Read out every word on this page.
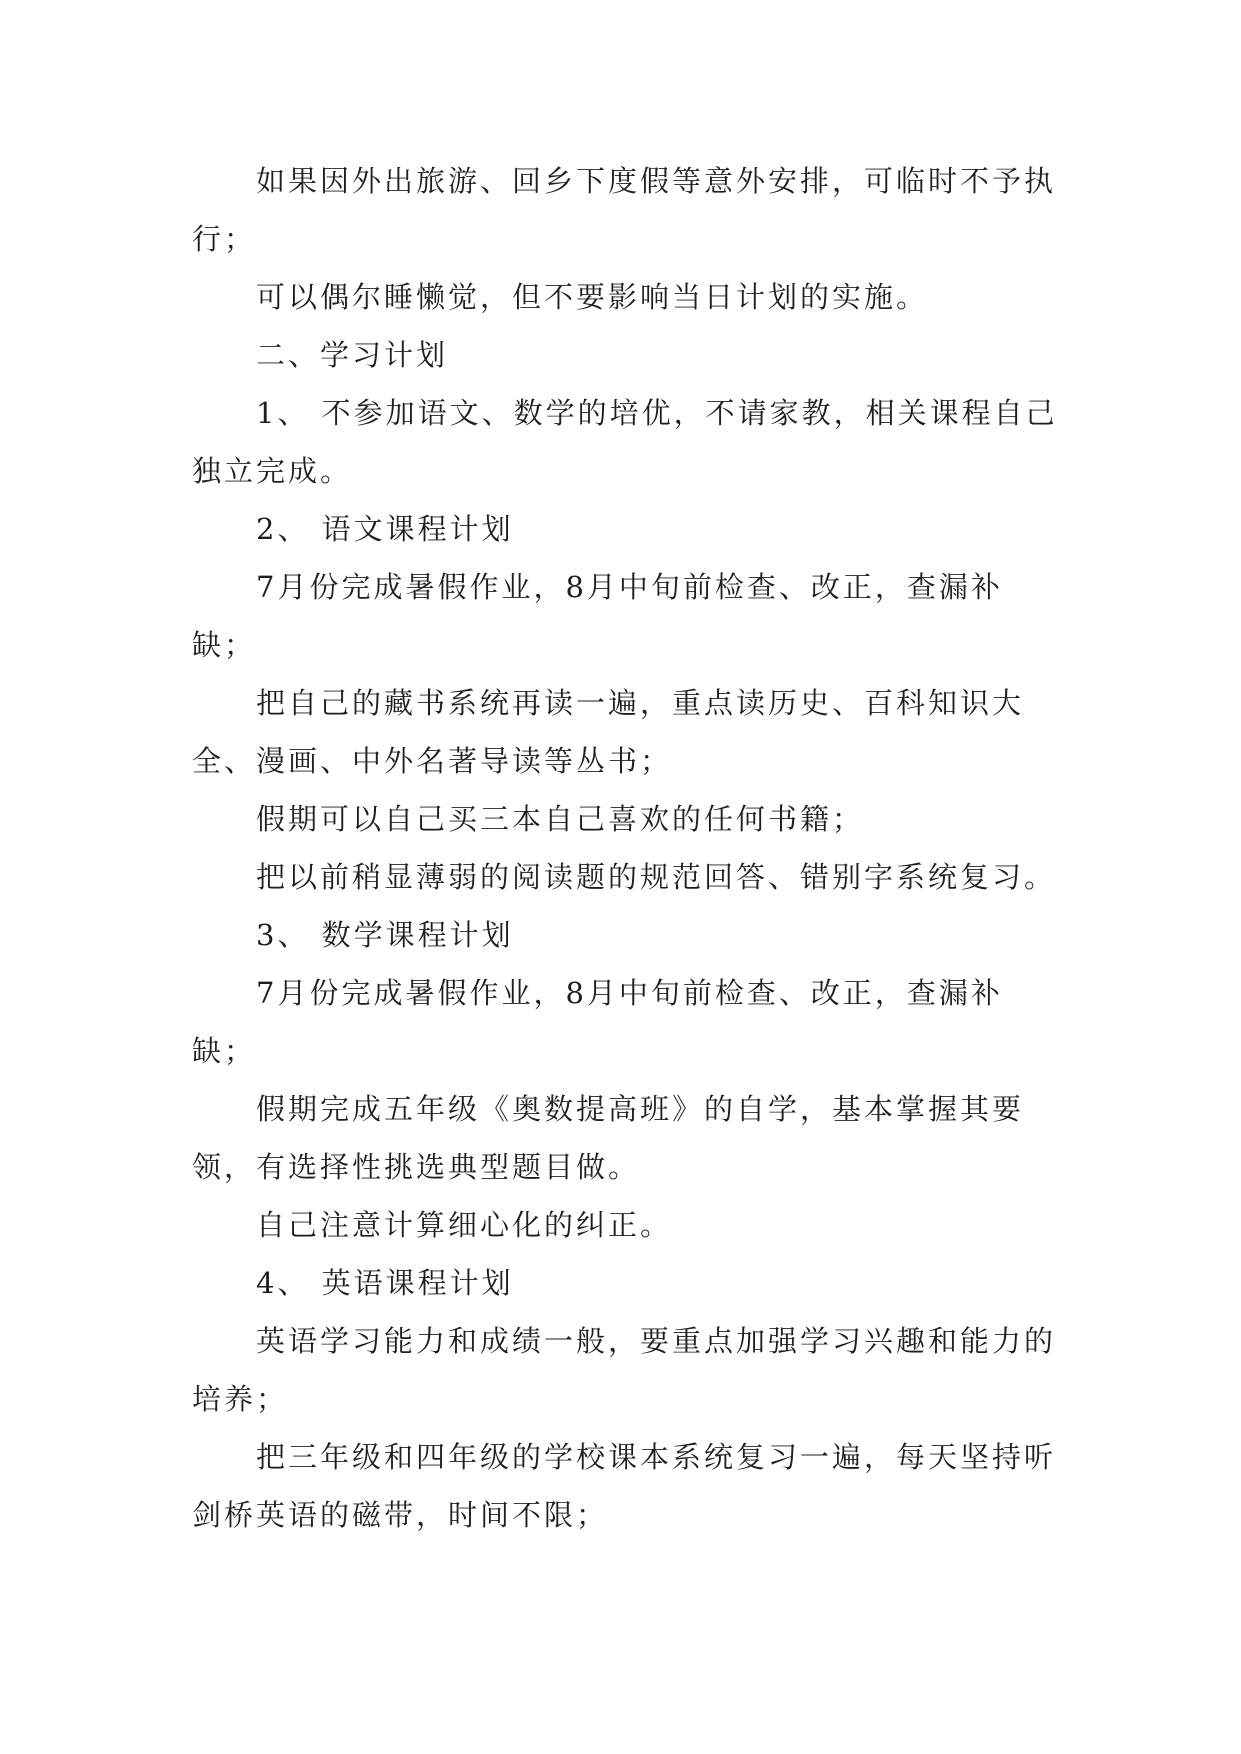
如果因外出旅游、回乡下度假等意外安排，可临时不予执行；

可以偶尔睡懒觉，但不要影响当日计划的实施。

二、学习计划

1、 不参加语文、数学的培优，不请家教，相关课程自己独立完成。

2、 语文课程计划

7月份完成暑假作业，8月中旬前检查、改正，查漏补缺；

把自己的藏书系统再读一遍，重点读历史、百科知识大全、漫画、中外名著导读等丛书；

假期可以自己买三本自己喜欢的任何书籍；

把以前稍显薄弱的阅读题的规范回答、错别字系统复习。

3、 数学课程计划

7月份完成暑假作业，8月中旬前检查、改正，查漏补缺；

假期完成五年级《奥数提高班》的自学，基本掌握其要领，有选择性挑选典型题目做。

自己注意计算细心化的纠正。

4、 英语课程计划

英语学习能力和成绩一般，要重点加强学习兴趣和能力的培养；

把三年级和四年级的学校课本系统复习一遍，每天坚持听剑桥英语的磁带，时间不限；
